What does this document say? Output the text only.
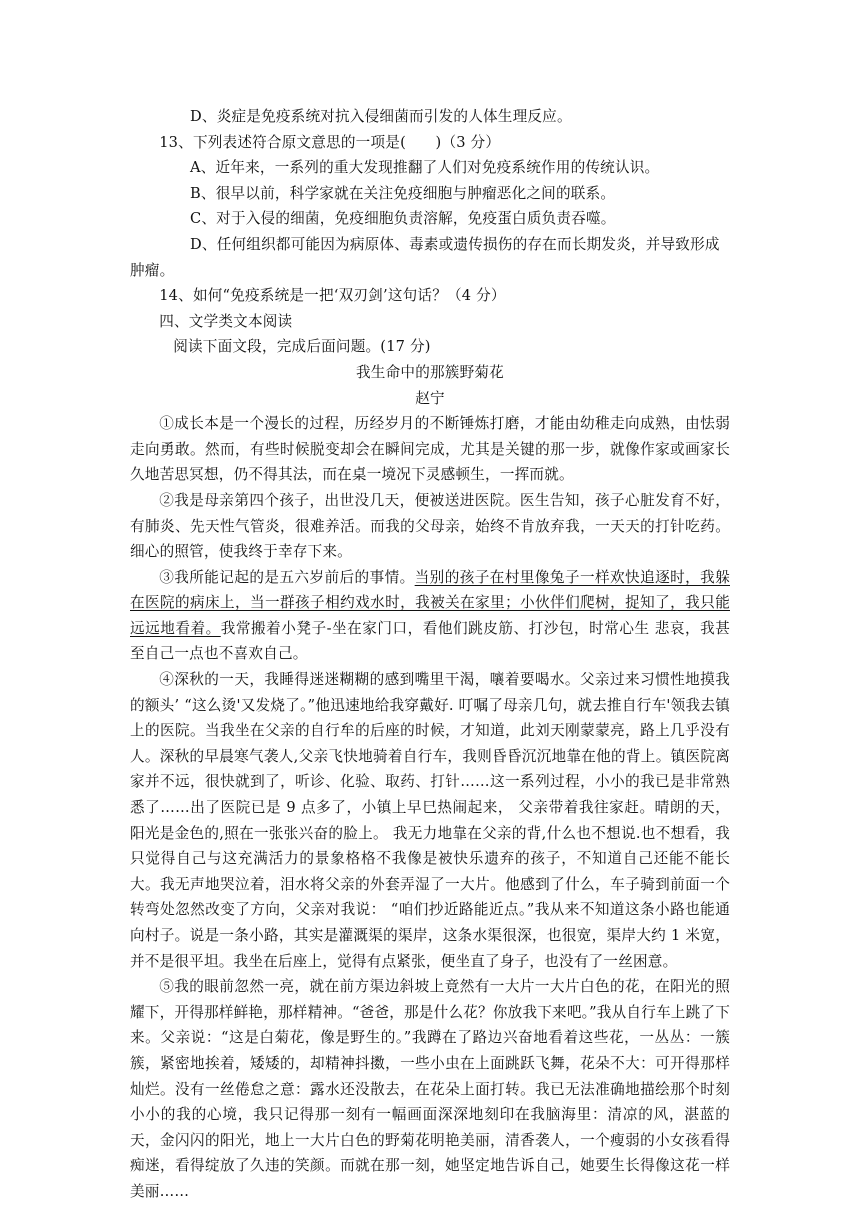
D、炎症是免疫系统对抗入侵细菌而引发的人体生理反应。

13、下列表述符合原文意思的一项是(　　)（3 分）

A、近年来，一系列的重大发现推翻了人们对免疫系统作用的传统认识。

B、很早以前，科学家就在关注免疫细胞与肿瘤恶化之间的联系。

C、对于入侵的细菌，免疫细胞负责溶解，免疫蛋白质负责吞噬。

D、任何组织都可能因为病原体、毒素或遗传损伤的存在而长期发炎，并导致形成肿瘤。

14、如何“免疫系统是一把‘双刃剑’这句话？（4 分）

四、文学类文本阅读

阅读下面文段，完成后面问题。(17 分)

我生命中的那簇野菊花

赵宁

①成长本是一个漫长的过程，历经岁月的不断锤炼打磨，才能由幼稚走向成熟，由怯弱走向勇敢。然而，有些时候脱变却会在瞬间完成，尤其是关键的那一步，就像作家或画家长久地苦思冥想，仍不得其法，而在桌一境况下灵感顿生，一挥而就。

②我是母亲第四个孩子，出世没几天，便被送进医院。医生告知，孩子心脏发育不好，有肺炎、先天性气管炎，很难养活。而我的父母亲，始终不肯放弃我，一天天的打针吃药。细心的照管，使我终于幸存下来。

③我所能记起的是五六岁前后的事情。当别的孩子在村里像兔子一样欢快追逐时，我躲在医院的病床上，当一群孩子相约戏水时，我被关在家里；小伙伴们爬树，捉知了，我只能远远地看着。我常搬着小凳子-坐在家门口，看他们跳皮筋、打沙包，时常心生 悲哀，我甚至自己一点也不喜欢自己。

④深秋的一天，我睡得迷迷糊糊的感到嘴里干渴，嚷着要喝水。父亲过来习惯性地摸我的额头’ “这么烫'又发烧了。”他迅速地给我穿戴好. 叮嘱了母亲几句，就去推自行车'领我去镇上的医院。当我坐在父亲的自行牟的后座的时候，才知道，此刘天刚蒙蒙亮，路上几乎没有人。深秋的早晨寒气袭人,父亲飞快地骑着自行车，我则昏昏沉沉地靠在他的背上。镇医院离家并不远，很快就到了，听诊、化验、取药、打针……这一系列过程，小小的我已是非常熟悉了……出了医院已是 9 点多了，小镇上早巳热闹起来， 父亲带着我往家赶。晴朗的天，阳光是金色的,照在一张张兴奋的脸上。 我无力地靠在父亲的背,什么也不想说.也不想看，我只觉得自己与这充满活力的景象格格不我像是被快乐遗弃的孩子，不知道自己还能不能长大。我无声地哭泣着，泪水将父亲的外套弄湿了一大片。他感到了什么，车子骑到前面一个转弯处忽然改变了方向，父亲对我说： “咱们抄近路能近点。”我从来不知道这条小路也能通向村子。说是一条小路，其实是灌溉渠的渠岸，这条水渠很深，也很宽，渠岸大约 1 米宽，并不是很平坦。我坐在后座上，觉得有点紧张，便坐直了身子，也没有了一丝困意。

⑤我的眼前忽然一亮，就在前方渠边斜坡上竟然有一大片一大片白色的花，在阳光的照耀下，开得那样鲜艳，那样精神。“爸爸，那是什么花？你放我下来吧。”我从自行车上跳了下来。父亲说：“这是白菊花，像是野生的。”我蹲在了路边兴奋地看着这些花，一丛丛：一簇簇，紧密地挨着，矮矮的，却精神抖擞，一些小虫在上面跳跃飞舞，花朵不大：可开得那样灿烂。没有一丝倦怠之意：露水还没散去，在花朵上面打转。我已无法准确地描绘那个时刻小小的我的心境，我只记得那一刻有一幅画面深深地刻印在我脑海里：清凉的风，湛蓝的天，金闪闪的阳光，地上一大片白色的野菊花明艳美丽，清香袭人，一个瘦弱的小女孩看得痴迷，看得绽放了久违的笑颜。而就在那一刻，她坚定地告诉自己，她要生长得像这花一样美丽……
